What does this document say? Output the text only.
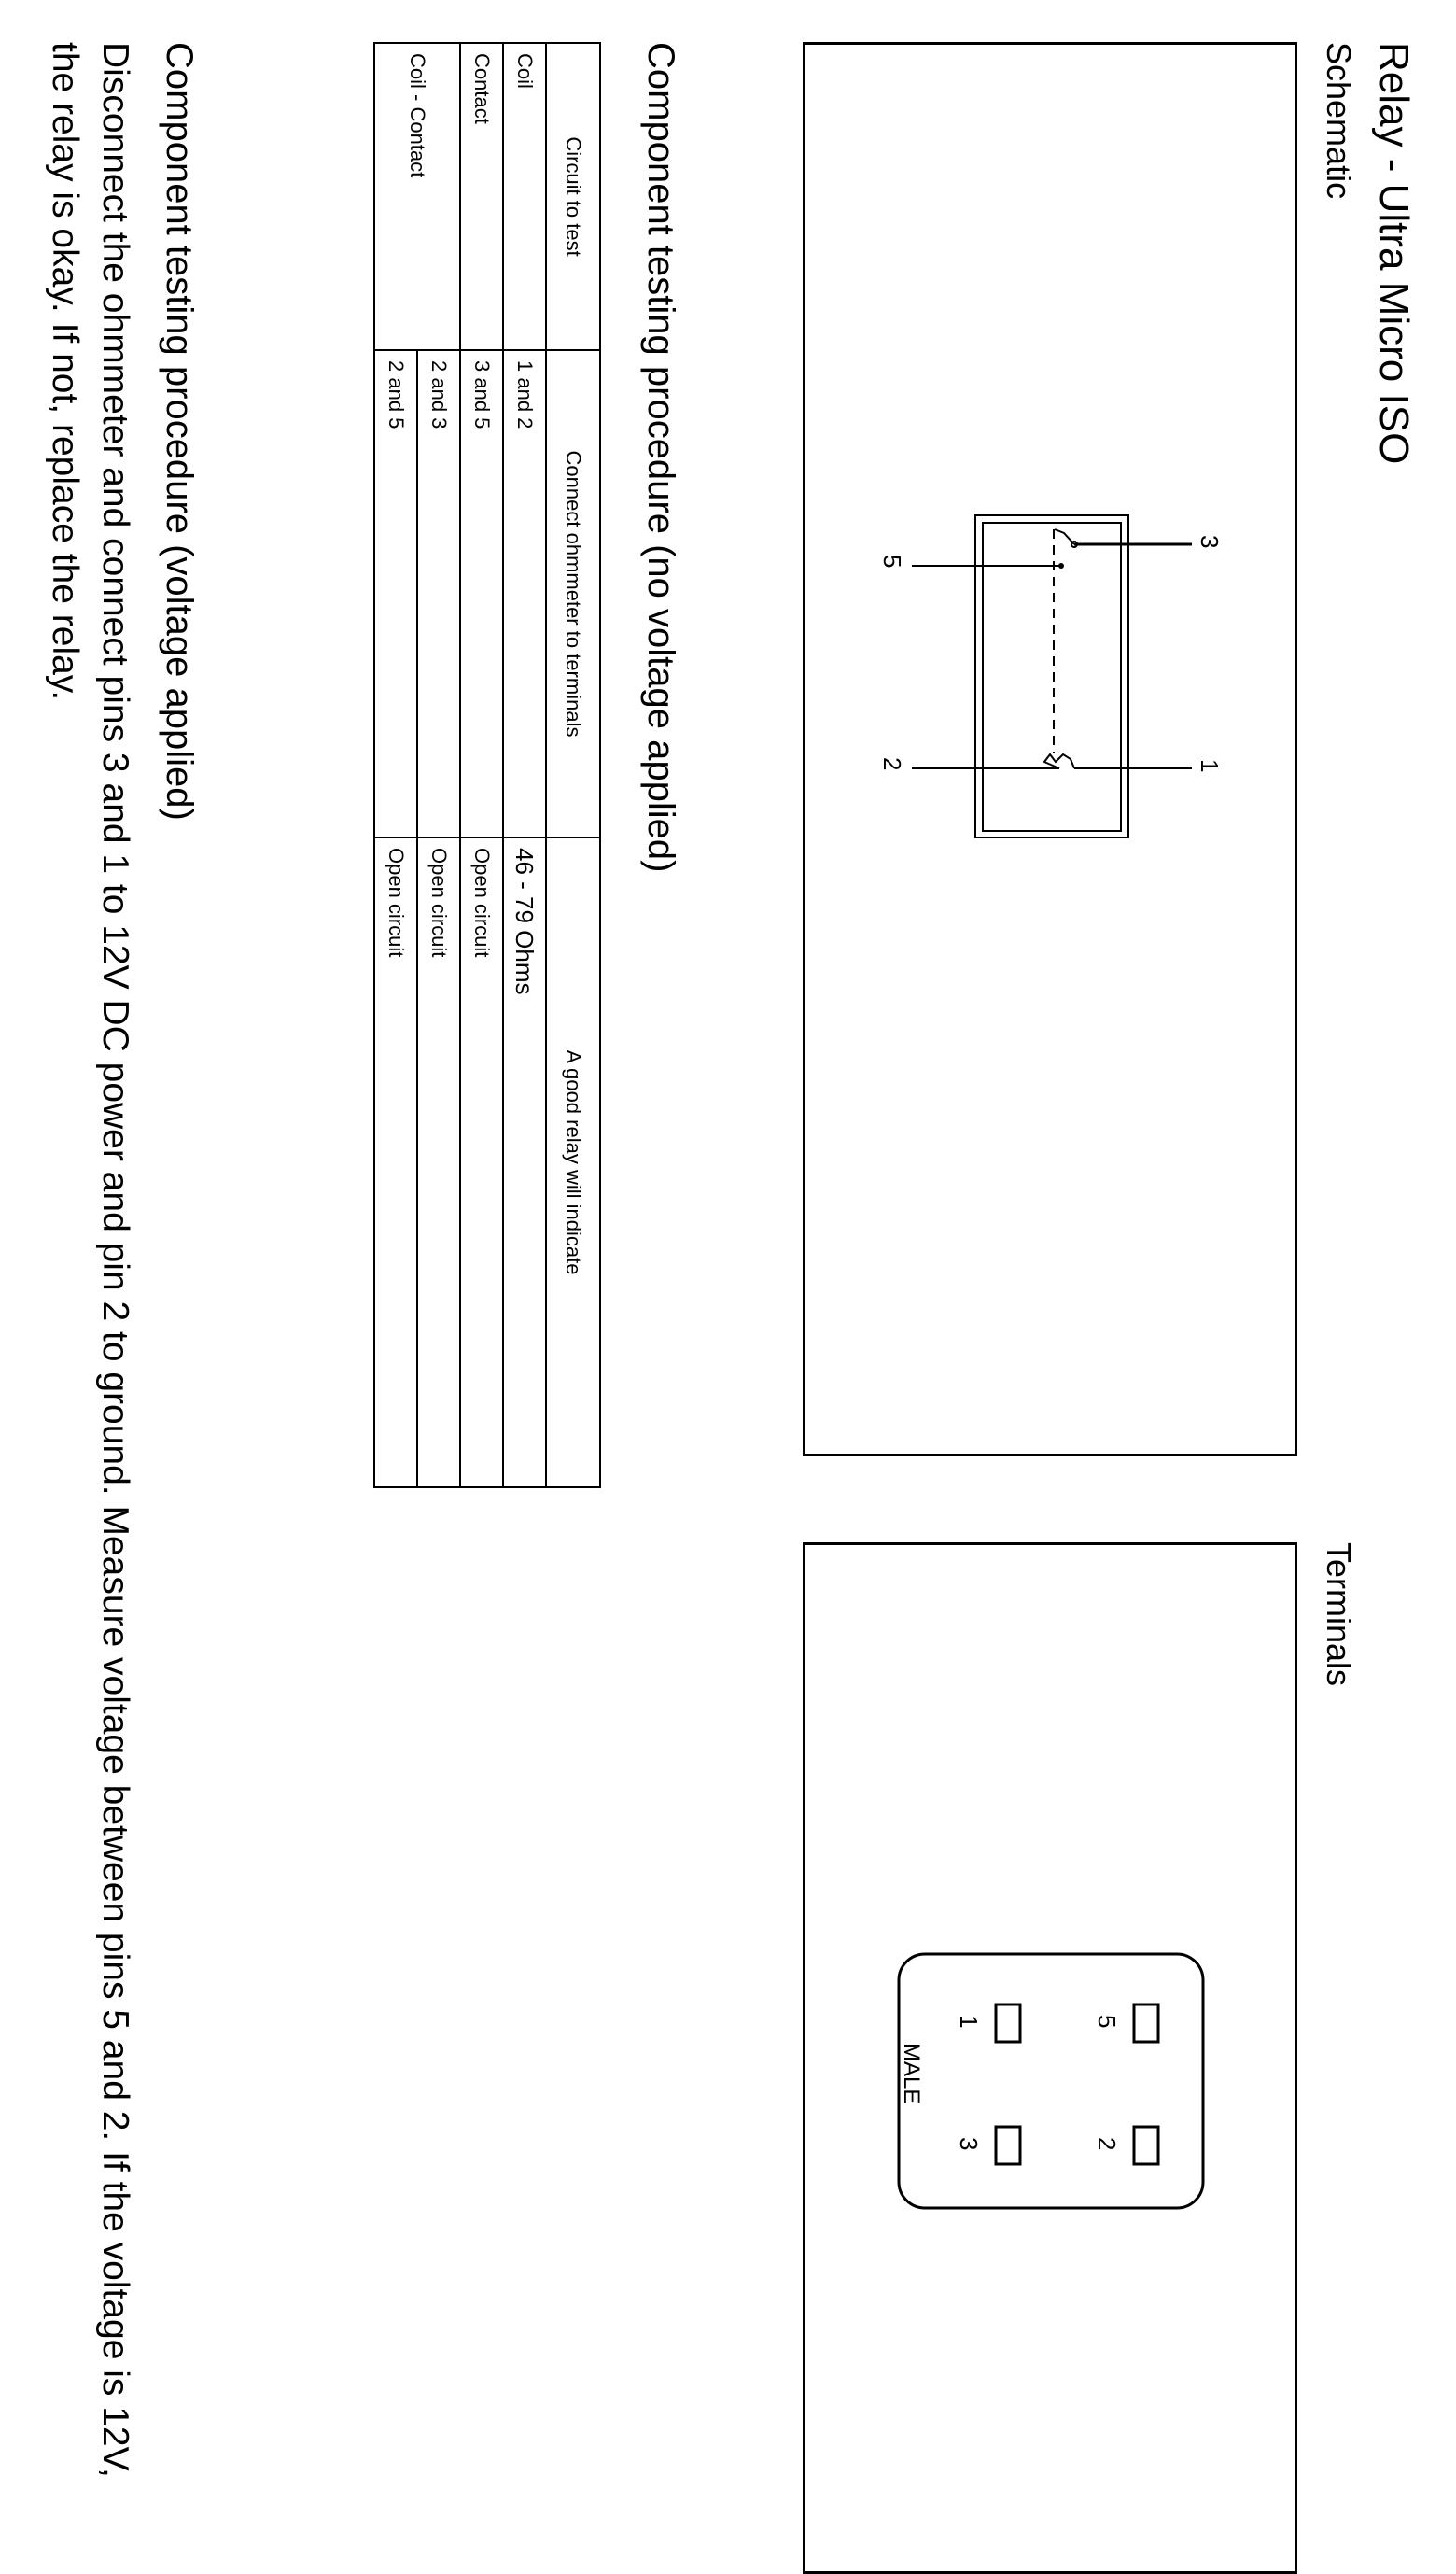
Relay - Ultra Micro ISO
Schematic
Terminals
3
1
5
2
5
2
1
3
MALE
Component testing procedure (no voltage applied)
Circuit to test	Connect ohmmeter to terminals	A good relay will indicate
Coil	1 and 2	46 - 79 Ohms
Contact	3 and 5	Open circuit
Coil - Contact	2 and 3	Open circuit
	2 and 5	Open circuit
Component testing procedure (voltage applied)
Disconnect the ohmmeter and connect pins 3 and 1 to 12V DC power and pin 2 to ground. Measure voltage between pins 5 and 2. If the voltage is 12V, the relay is okay. If not, replace the relay.
